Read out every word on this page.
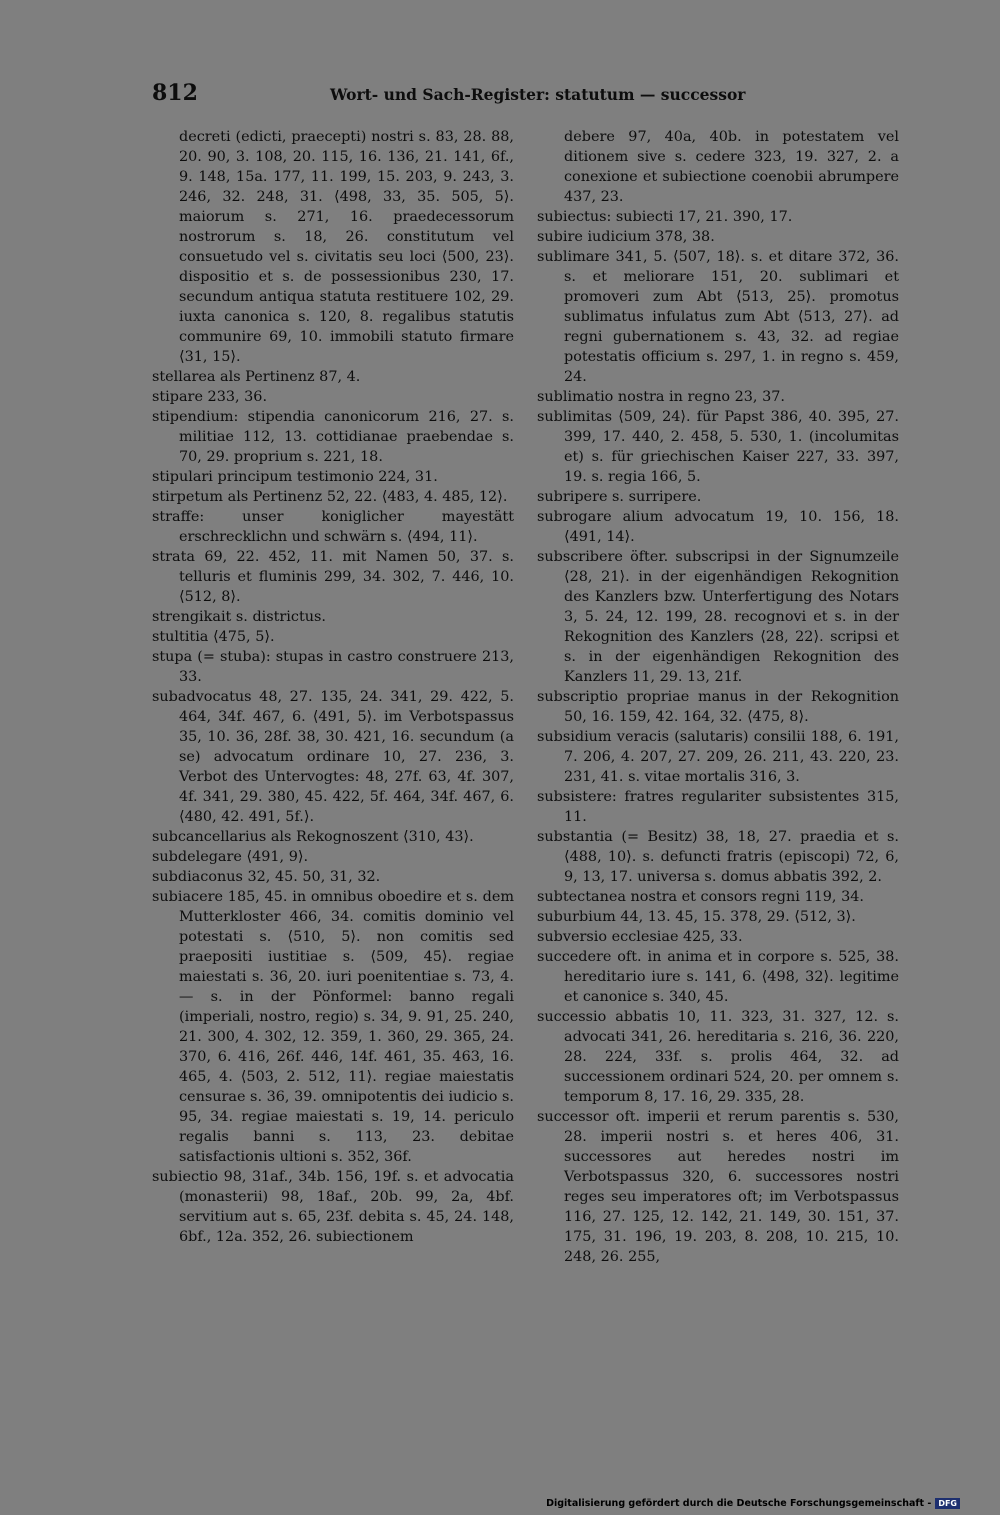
812	Wort- und Sach-Register: statutum — successor

decreti (edicti, praecepti) nostri s. 83, 28. 88, 20. 90, 3. 108, 20. 115, 16. 136, 21. 141, 6f., 9. 148, 15a. 177, 11. 199, 15. 203, 9. 243, 3. 246, 32. 248, 31. ⟨498, 33, 35. 505, 5⟩. maiorum s. 271, 16. praedecessorum nostrorum s. 18, 26. constitutum vel consuetudo vel s. civitatis seu loci ⟨500, 23⟩. dispositio et s. de possessionibus 230, 17. secundum antiqua statuta restituere 102, 29. iuxta canonica s. 120, 8. regalibus statutis communire 69, 10. immobili statuto firmare ⟨31, 15⟩.

stellarea als Pertinenz 87, 4.

stipare 233, 36.

stipendium: stipendia canonicorum 216, 27. s. militiae 112, 13. cottidianae praebendae s. 70, 29. proprium s. 221, 18.

stipulari principum testimonio 224, 31.

stirpetum als Pertinenz 52, 22. ⟨483, 4. 485, 12⟩.

straffe: unser koniglicher mayestätt erschrecklichn und schwärn s. ⟨494, 11⟩.

strata 69, 22. 452, 11. mit Namen 50, 37. s. telluris et fluminis 299, 34. 302, 7. 446, 10. ⟨512, 8⟩.

strengikait s. districtus.

stultitia ⟨475, 5⟩.

stupa (= stuba): stupas in castro construere 213, 33.

subadvocatus 48, 27. 135, 24. 341, 29. 422, 5. 464, 34f. 467, 6. ⟨491, 5⟩. im Verbotspassus 35, 10. 36, 28f. 38, 30. 421, 16. secundum (a se) advocatum ordinare 10, 27. 236, 3. Verbot des Untervogtes: 48, 27f. 63, 4f. 307, 4f. 341, 29. 380, 45. 422, 5f. 464, 34f. 467, 6. ⟨480, 42. 491, 5f.⟩.

subcancellarius als Rekognoszent ⟨310, 43⟩.

subdelegare ⟨491, 9⟩.

subdiaconus 32, 45. 50, 31, 32.

subiacere 185, 45. in omnibus oboedire et s. dem Mutterkloster 466, 34. comitis dominio vel potestati s. ⟨510, 5⟩. non comitis sed praepositi iustitiae s. ⟨509, 45⟩. regiae maiestati s. 36, 20. iuri poenitentiae s. 73, 4. — s. in der Pönformel: banno regali (imperiali, nostro, regio) s. 34, 9. 91, 25. 240, 21. 300, 4. 302, 12. 359, 1. 360, 29. 365, 24. 370, 6. 416, 26f. 446, 14f. 461, 35. 463, 16. 465, 4. ⟨503, 2. 512, 11⟩. regiae maiestatis censurae s. 36, 39. omnipotentis dei iudicio s. 95, 34. regiae maiestati s. 19, 14. periculo regalis banni s. 113, 23. debitae satisfactionis ultioni s. 352, 36f.

subiectio 98, 31af., 34b. 156, 19f. s. et advocatia (monasterii) 98, 18af., 20b. 99, 2a, 4bf. servitium aut s. 65, 23f. debita s. 45, 24. 148, 6bf., 12a. 352, 26. subiectionem

debere 97, 40a, 40b. in potestatem vel ditionem sive s. cedere 323, 19. 327, 2. a conexione et subiectione coenobii abrumpere 437, 23.

subiectus: subiecti 17, 21. 390, 17.

subire iudicium 378, 38.

sublimare 341, 5. ⟨507, 18⟩. s. et ditare 372, 36. s. et meliorare 151, 20. sublimari et promoveri zum Abt ⟨513, 25⟩. promotus sublimatus infulatus zum Abt ⟨513, 27⟩. ad regni gubernationem s. 43, 32. ad regiae potestatis officium s. 297, 1. in regno s. 459, 24.

sublimatio nostra in regno 23, 37.

sublimitas ⟨509, 24⟩. für Papst 386, 40. 395, 27. 399, 17. 440, 2. 458, 5. 530, 1. (incolumitas et) s. für griechischen Kaiser 227, 33. 397, 19. s. regia 166, 5.

subripere s. surripere.

subrogare alium advocatum 19, 10. 156, 18. ⟨491, 14⟩.

subscribere öfter. subscripsi in der Signumzeile ⟨28, 21⟩. in der eigenhändigen Rekognition des Kanzlers bzw. Unterfertigung des Notars 3, 5. 24, 12. 199, 28. recognovi et s. in der Rekognition des Kanzlers ⟨28, 22⟩. scripsi et s. in der eigenhändigen Rekognition des Kanzlers 11, 29. 13, 21f.

subscriptio propriae manus in der Rekognition 50, 16. 159, 42. 164, 32. ⟨475, 8⟩.

subsidium veracis (salutaris) consilii 188, 6. 191, 7. 206, 4. 207, 27. 209, 26. 211, 43. 220, 23. 231, 41. s. vitae mortalis 316, 3.

subsistere: fratres regulariter subsistentes 315, 11.

substantia (= Besitz) 38, 18, 27. praedia et s. ⟨488, 10⟩. s. defuncti fratris (episcopi) 72, 6, 9, 13, 17. universa s. domus abbatis 392, 2.

subtectanea nostra et consors regni 119, 34.

suburbium 44, 13. 45, 15. 378, 29. ⟨512, 3⟩.

subversio ecclesiae 425, 33.

succedere oft. in anima et in corpore s. 525, 38. hereditario iure s. 141, 6. ⟨498, 32⟩. legitime et canonice s. 340, 45.

successio abbatis 10, 11. 323, 31. 327, 12. s. advocati 341, 26. hereditaria s. 216, 36. 220, 28. 224, 33f. s. prolis 464, 32. ad successionem ordinari 524, 20. per omnem s. temporum 8, 17. 16, 29. 335, 28.

successor oft. imperii et rerum parentis s. 530, 28. imperii nostri s. et heres 406, 31. successores aut heredes nostri im Verbotspassus 320, 6. successores nostri reges seu imperatores oft; im Verbotspassus 116, 27. 125, 12. 142, 21. 149, 30. 151, 37. 175, 31. 196, 19. 203, 8. 208, 10. 215, 10. 248, 26. 255,

Digitalisierung gefördert durch die Deutsche Forschungsgemeinschaft - DFG
